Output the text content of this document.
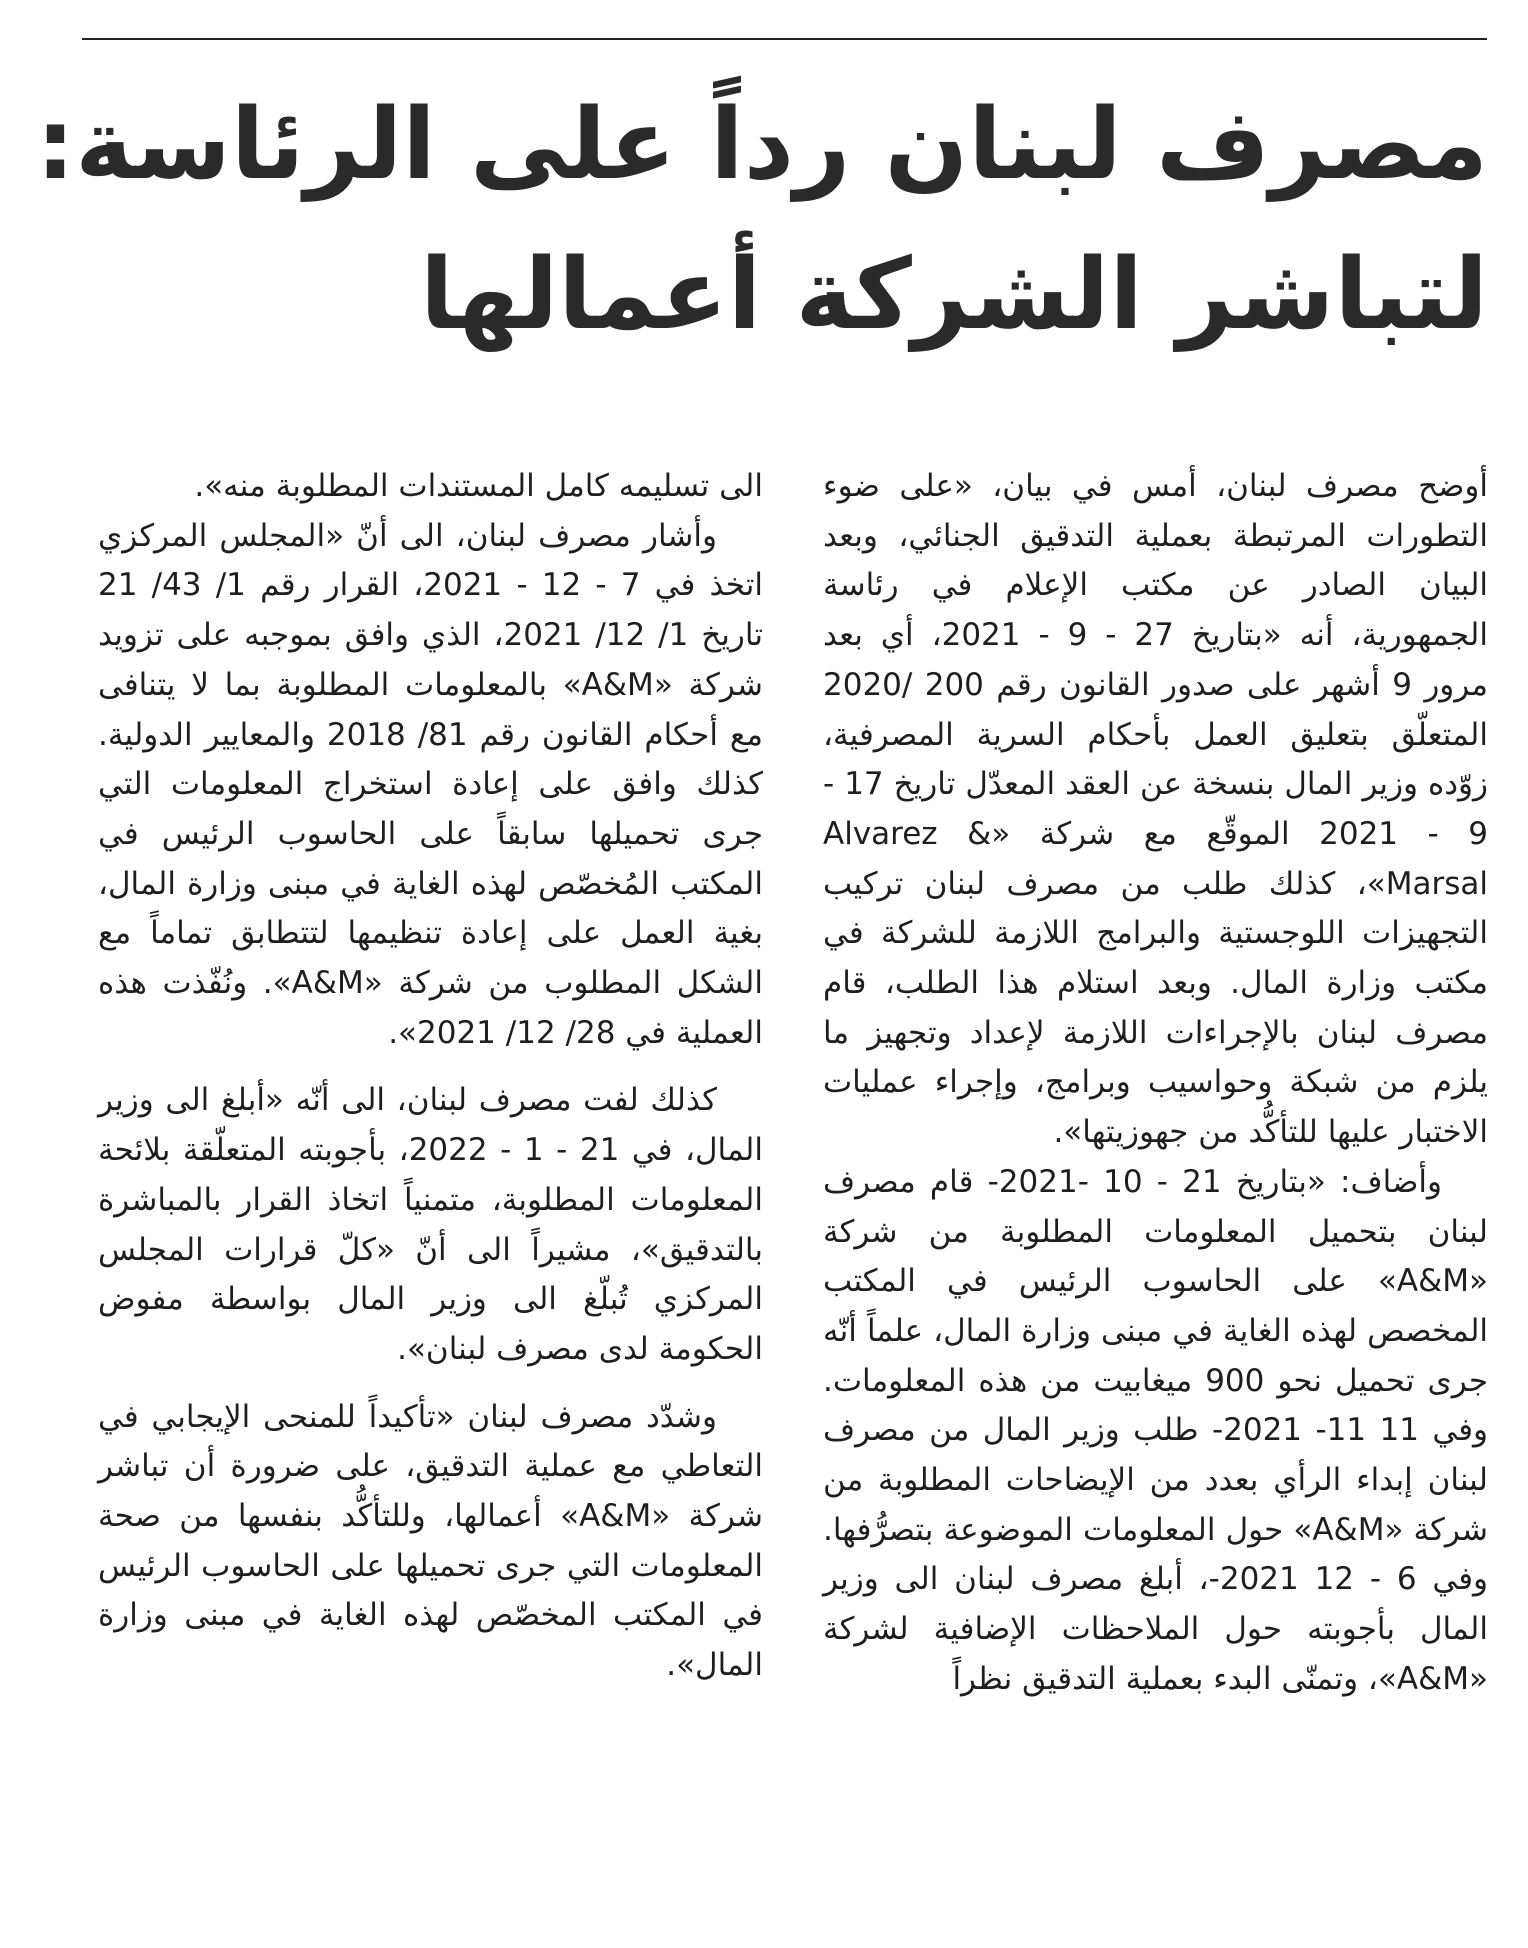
مصرف لبنان رداً على الرئاسة:
لتباشر الشركة أعمالها

أوضح مصرف لبنان، أمس في بيان، «على ضوء التطورات المرتبطة بعملية التدقيق الجنائي، وبعد البيان الصادر عن مكتب الإعلام في رئاسة الجمهورية، أنه «بتاريخ 27 - 9 - 2021، أي بعد مرور 9 أشهر على صدور القانون رقم 200 /2020 المتعلّق بتعليق العمل بأحكام السرية المصرفية، زوّده وزير المال بنسخة عن العقد المعدّل تاريخ 17 - 9 - 2021 الموقّع مع شركة «Alvarez & Marsal»، كذلك طلب من مصرف لبنان تركيب التجهيزات اللوجستية والبرامج اللازمة للشركة في مكتب وزارة المال. وبعد استلام هذا الطلب، قام مصرف لبنان بالإجراءات اللازمة لإعداد وتجهيز ما يلزم من شبكة وحواسيب وبرامج، وإجراء عمليات الاختبار عليها للتأكُّد من جهوزيتها».

وأضاف: «بتاريخ 21 - 10 -2021- قام مصرف لبنان بتحميل المعلومات المطلوبة من شركة «A&M» على الحاسوب الرئيس في المكتب المخصص لهذه الغاية في مبنى وزارة المال، علماً أنّه جرى تحميل نحو 900 ميغابيت من هذه المعلومات. وفي 11 11- 2021- طلب وزير المال من مصرف لبنان إبداء الرأي بعدد من الإيضاحات المطلوبة من شركة «A&M» حول المعلومات الموضوعة بتصرُّفها. وفي 6 - 12 2021-، أبلغ مصرف لبنان الى وزير المال بأجوبته حول الملاحظات الإضافية لشركة «A&M»، وتمنّى البدء بعملية التدقيق نظراً

الى تسليمه كامل المستندات المطلوبة منه».

وأشار مصرف لبنان، الى أنّ «المجلس المركزي اتخذ في 7 - 12 - 2021، القرار رقم 1/ 43/ 21 تاريخ 1/ 12/ 2021، الذي وافق بموجبه على تزويد شركة «A&M» بالمعلومات المطلوبة بما لا يتنافى مع أحكام القانون رقم 81/ 2018 والمعايير الدولية. كذلك وافق على إعادة استخراج المعلومات التي جرى تحميلها سابقاً على الحاسوب الرئيس في المكتب المُخصّص لهذه الغاية في مبنى وزارة المال، بغية العمل على إعادة تنظيمها لتتطابق تماماً مع الشكل المطلوب من شركة «A&M». ونُفّذت هذه العملية في 28/ 12/ 2021».

كذلك لفت مصرف لبنان، الى أنّه «أبلغ الى وزير المال، في 21 - 1 - 2022، بأجوبته المتعلّقة بلائحة المعلومات المطلوبة، متمنياً اتخاذ القرار بالمباشرة بالتدقيق»، مشيراً الى أنّ «كلّ قرارات المجلس المركزي تُبلّغ الى وزير المال بواسطة مفوض الحكومة لدى مصرف لبنان».

وشدّد مصرف لبنان «تأكيداً للمنحى الإيجابي في التعاطي مع عملية التدقيق، على ضرورة أن تباشر شركة «A&M» أعمالها، وللتأكُّد بنفسها من صحة المعلومات التي جرى تحميلها على الحاسوب الرئيس في المكتب المخصّص لهذه الغاية في مبنى وزارة المال».
